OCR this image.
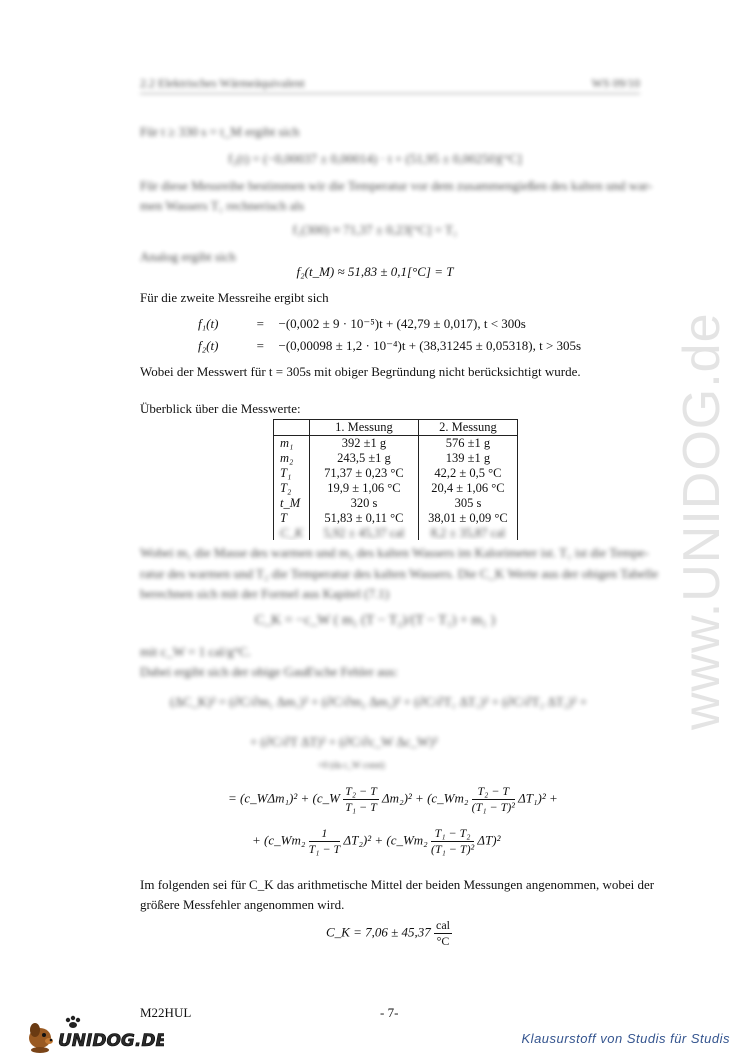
www.UNIDOG.de
2.2 Elektrisches Wärmeäquivalent	WS 09/10
Für t ≥ 330 s = t_M ergibt sich
f₂(t) = (−0,00037 ± 0,00014) · t + (51,95 ± 0,00250)[°C]
Für diese Messreihe bestimmen wir die Temperatur vor dem zusammengießen des kalten und war-
men Wassers T₁ rechnerisch als
f₁(300) ≈ 71,37 ± 0,23[°C] = T₁
Analog ergibt sich
f₂(t_M) ≈ 51,83 ± 0,1[°C] = T
Für die zweite Messreihe ergibt sich
f₁(t)	= −(0,002 ± 9 · 10⁻⁵)t + (42,79 ± 0,017), t < 300s
f₂(t)	= −(0,00098 ± 1,2 · 10⁻⁴)t + (38,31245 ± 0,05318), t > 305s
Wobei der Messwert für t = 305s mit obiger Begründung nicht berücksichtigt wurde.
Überblick über die Messwerte:
	1. Messung	2. Messung
m₁	392 ±1 g	576 ±1 g
m₂	243,5 ±1 g	139 ±1 g
T₁	71,37 ± 0,23 °C	42,2 ± 0,5 °C
T₂	19,9 ± 1,06 °C	20,4 ± 1,06 °C
t_M	320 s	305 s
T	51,83 ± 0,11 °C	38,01 ± 0,09 °C
C_K	5,92 ± 45,37 cal	8,2 ± 35,87 cal
Wobei m₁ die Masse des warmen und m₂ des kalten Wassers im Kalorimeter ist. T₁ ist die Tempe-
ratur des warmen und T₂ die Temperatur des kalten Wassers. Die C_K Werte aus der obigen Tabelle
berechnen sich mit der Formel aus Kapitel (7.1)
C_K = −c_W ( m₁ (T − T₂)/(T − T₁) + m₁ )
mit c_W = 1 cal/g°C.
Dabei ergibt sich der obige Gauß'sche Fehler aus:
(ΔC_K)² = (∂C/∂m₁ Δm₁)² + (∂C/∂m₂ Δm₂)² + (∂C/∂T₁ ΔT₁)² + (∂C/∂T₂ ΔT₂)² +
+ (∂C/∂T ΔT)² + (∂C/∂c_W Δc_W)²
=0 (da c_W const)
= (c_WΔm₁)² + (c_W $\frac{\text{T₂ − T}}{\text{T₁ − T}} \Delta m_2)^2$ + (c_Wm₂ $\frac{\text{T₂ − T}}{\text{(T₁ − T)²}} \Delta T_1)^2$ +
+ (c_Wm₂ $\frac{1}{\text{T₁ − T}} \Delta T_2)^2$ + (c_Wm₂ $\frac{\text{T₁ − T₂}}{\text{(T₁ − T)²}} \Delta T)^2$
Im folgenden sei für C_K das arithmetische Mittel der beiden Messungen angenommen, wobei der
größere Messfehler angenommen wird.
C_K = $7,06 \pm 45,37 \frac{\text{cal}}{^\circ C}$
M22HUL	- 7-
UNIDOG.DE	Klausurstoff von Studis für Studis
